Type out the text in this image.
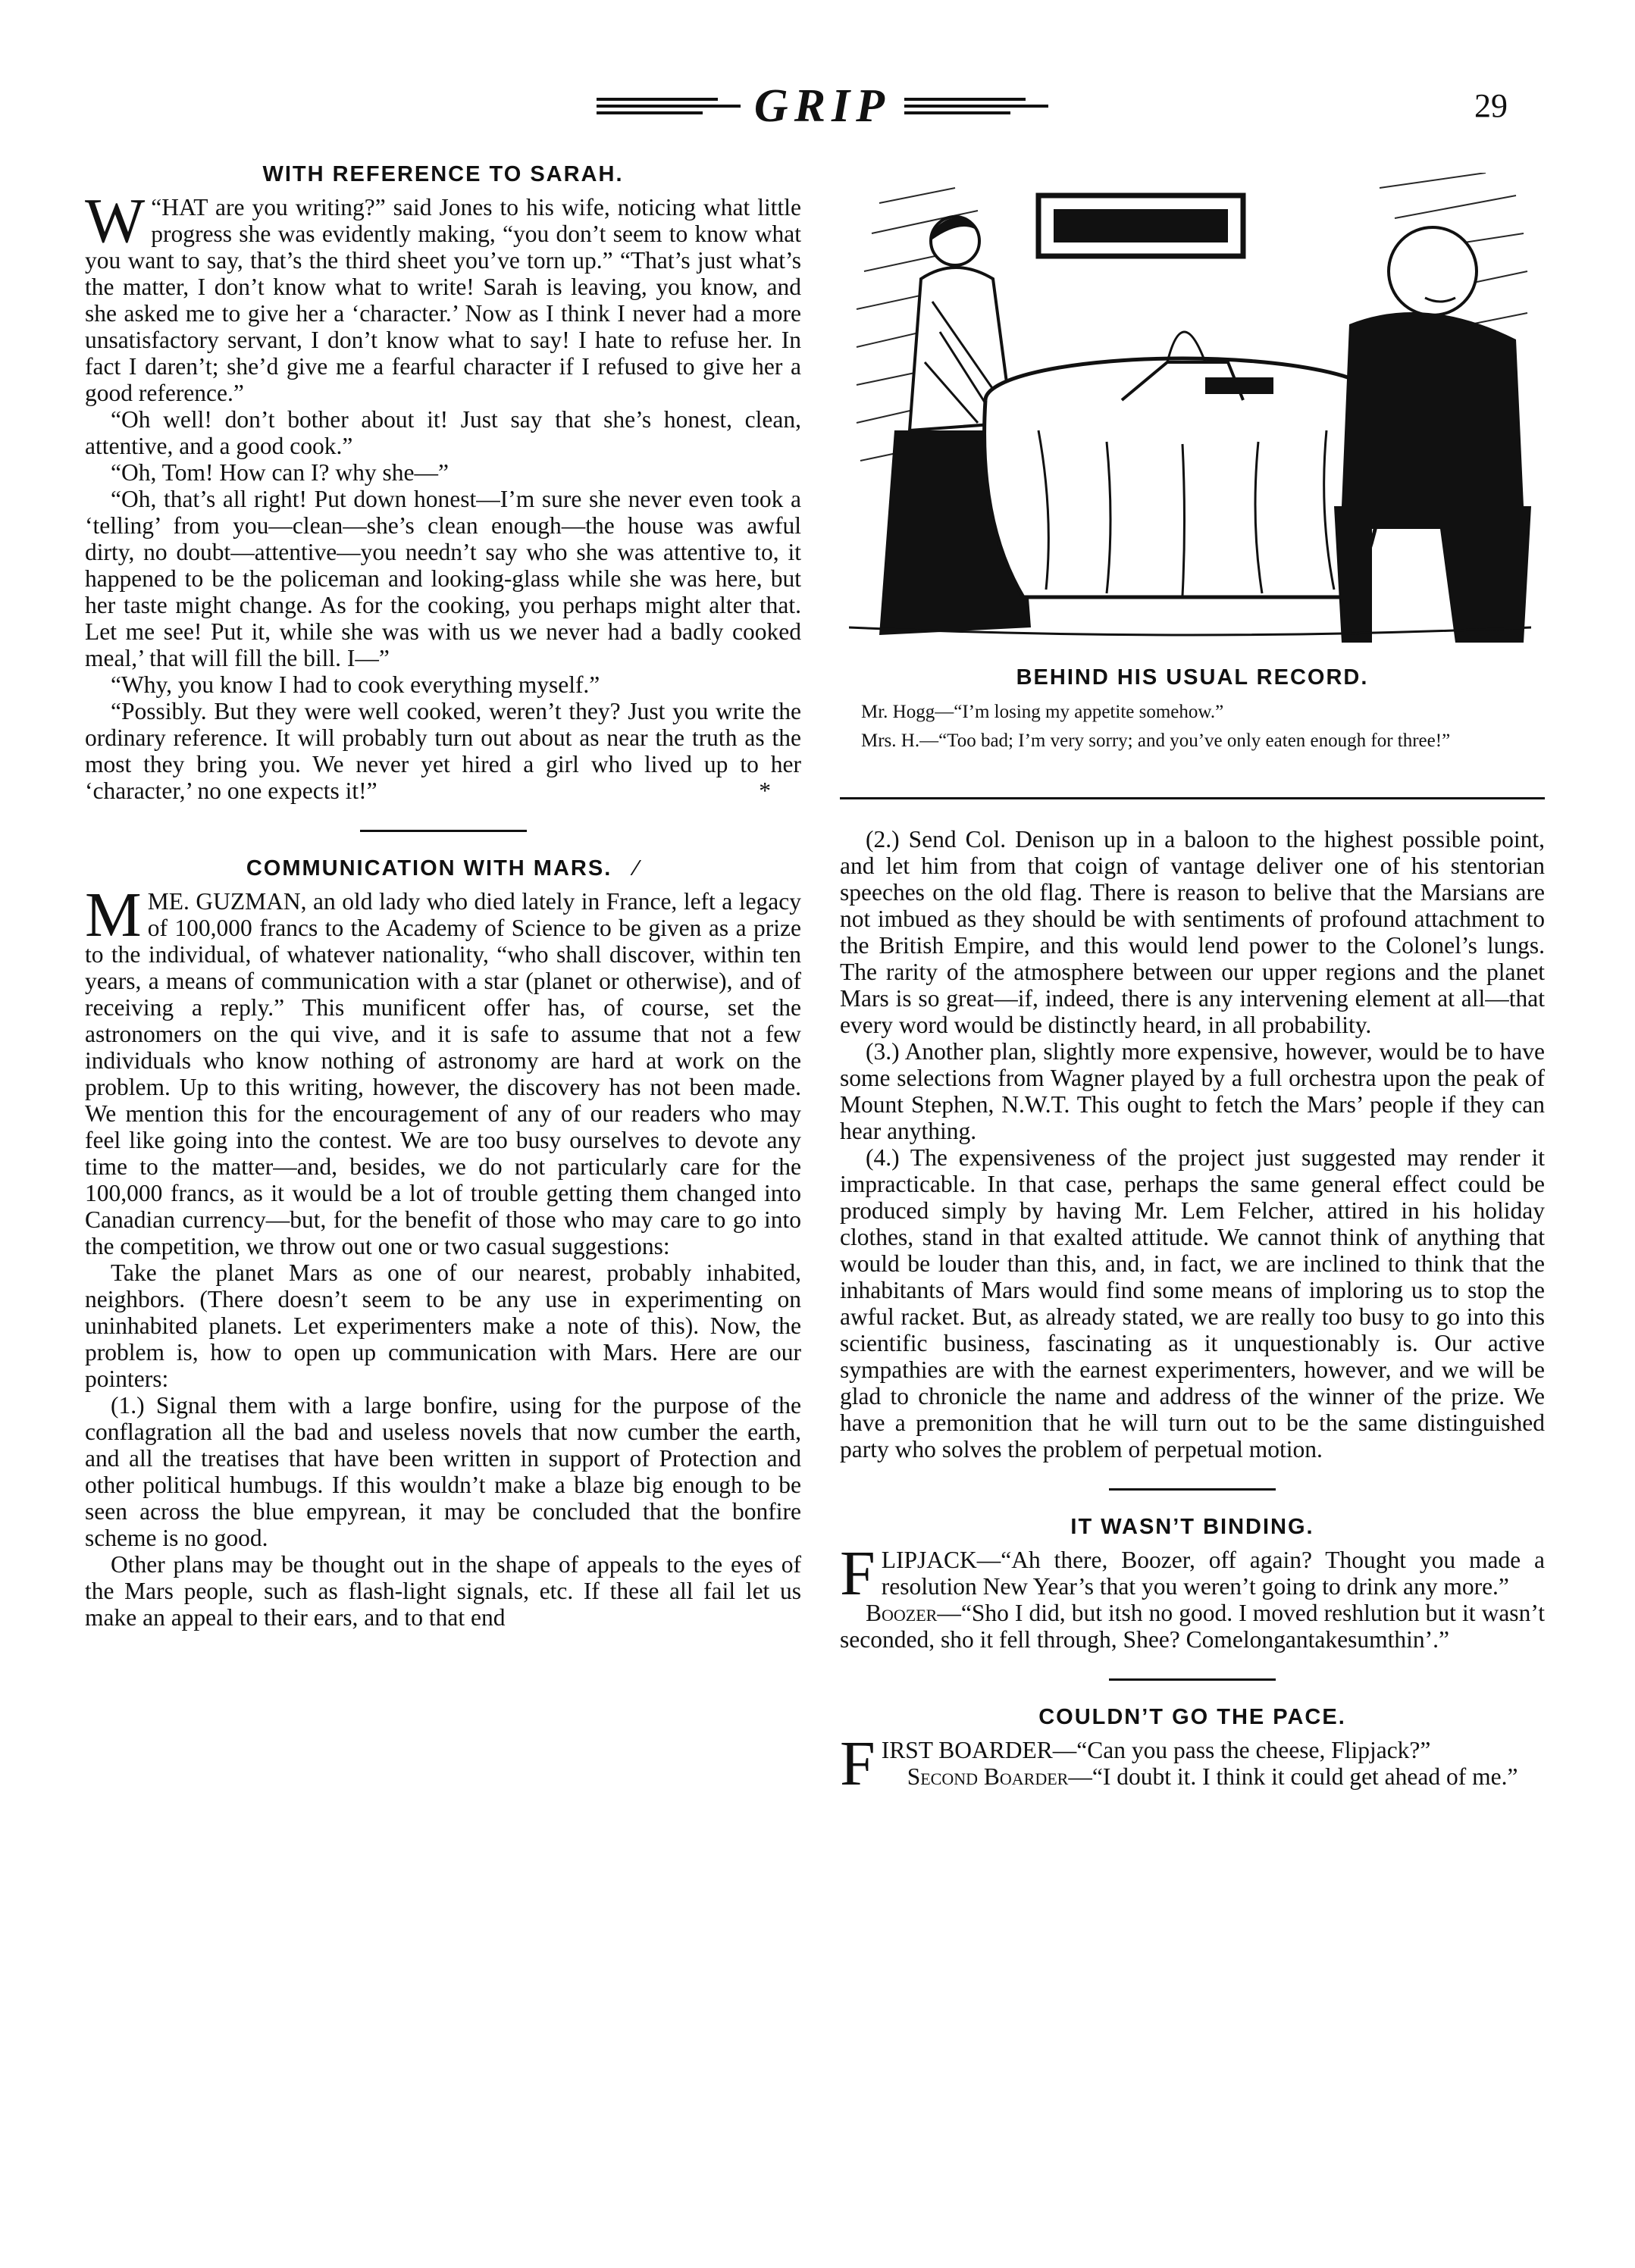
GRIP	29
WITH REFERENCE TO SARAH.

“
W HAT are you writing?” said Jones to his wife, noticing what little progress she was evidently making, “you don’t seem to know what you want to say, that’s the third sheet you’ve torn up.” “That’s just what’s the matter, I don’t know what to write! Sarah is leaving, you know, and she asked me to give her a ‘character.’ Now as I think I never had a more unsatisfactory servant, I don’t know what to say! I hate to refuse her. In fact I daren’t; she’d give me a fearful character if I refused to give her a good reference.”

“Oh well! don’t bother about it! Just say that she’s honest, clean, attentive, and a good cook.”

“Oh, Tom! How can I? why she—”

“Oh, that’s all right! Put down honest—I’m sure she never even took a ‘telling’ from you—clean—she’s clean enough—the house was awful dirty, no doubt—attentive—you needn’t say who she was attentive to, it happened to be the policeman and looking-glass while she was here, but her taste might change. As for the cooking, you perhaps might alter that. Let me see! Put it, while she was with us we never had a badly cooked meal,’ that will fill the bill. I—”

“Why, you know I had to cook everything myself.”

“Possibly. But they were well cooked, weren’t they? Just you write the ordinary reference. It will probably turn out about as near the truth as the most they bring you. We never yet hired a girl who lived up to her ‘character,’ no one expects it!”	*

COMMUNICATION WITH MARS. ⁄

MME. GUZMAN, an old lady who died lately in France, left a legacy of 100,000 francs to the Academy of Science to be given as a prize to the individual, of whatever nationality, “who shall discover, within ten years, a means of communication with a star (planet or otherwise), and of receiving a reply.” This munificent offer has, of course, set the astronomers on the qui vive, and it is safe to assume that not a few individuals who know nothing of astronomy are hard at work on the problem. Up to this writing, however, the discovery has not been made. We mention this for the encouragement of any of our readers who may feel like going into the contest. We are too busy ourselves to devote any time to the matter—and, besides, we do not particularly care for the 100,000 francs, as it would be a lot of trouble getting them changed into Canadian currency—but, for the benefit of those who may care to go into the competition, we throw out one or two casual suggestions:

Take the planet Mars as one of our nearest, probably inhabited, neighbors. (There doesn’t seem to be any use in experimenting on uninhabited planets. Let experimenters make a note of this). Now, the problem is, how to open up communication with Mars. Here are our pointers:

(1.) Signal them with a large bonfire, using for the purpose of the conflagration all the bad and useless novels that now cumber the earth, and all the treatises that have been written in support of Protection and other political humbugs. If this wouldn’t make a blaze big enough to be seen across the blue empyrean, it may be concluded that the bonfire scheme is no good.

Other plans may be thought out in the shape of appeals to the eyes of the Mars people, such as flash-light signals, etc. If these all fail let us make an appeal to their ears, and to that end

BEHIND HIS USUAL RECORD.

Mr. Hogg—“I’m losing my appetite somehow.”

Mrs. H.—“Too bad; I’m very sorry; and you’ve only eaten enough for three!”

(2.) Send Col. Denison up in a baloon to the highest possible point, and let him from that coign of vantage deliver one of his stentorian speeches on the old flag. There is reason to belive that the Marsians are not imbued as they should be with sentiments of profound attachment to the British Empire, and this would lend power to the Colonel’s lungs. The rarity of the atmosphere between our upper regions and the planet Mars is so great—if, indeed, there is any intervening element at all—that every word would be distinctly heard, in all probability.

(3.) Another plan, slightly more expensive, however, would be to have some selections from Wagner played by a full orchestra upon the peak of Mount Stephen, N.W.T. This ought to fetch the Mars’ people if they can hear anything.

(4.) The expensiveness of the project just suggested may render it impracticable. In that case, perhaps the same general effect could be produced simply by having Mr. Lem Felcher, attired in his holiday clothes, stand in that exalted attitude. We cannot think of anything that would be louder than this, and, in fact, we are inclined to think that the inhabitants of Mars would find some means of imploring us to stop the awful racket. But, as already stated, we are really too busy to go into this scientific business, fascinating as it unquestionably is. Our active sympathies are with the earnest experimenters, however, and we will be glad to chronicle the name and address of the winner of the prize. We have a premonition that he will turn out to be the same distinguished party who solves the problem of perpetual motion.

IT WASN’T BINDING.

FLIPJACK—“Ah there, Boozer, off again? Thought you made a resolution New Year’s that you weren’t going to drink any more.”

Boozer—“Sho I did, but itsh no good. I moved reshlution but it wasn’t seconded, sho it fell through, Shee? Comelongantakesumthin’.”

COULDN’T GO THE PACE.

FIRST BOARDER—“Can you pass the cheese, Flipjack?”

Second Boarder—“I doubt it. I think it could get ahead of me.”
